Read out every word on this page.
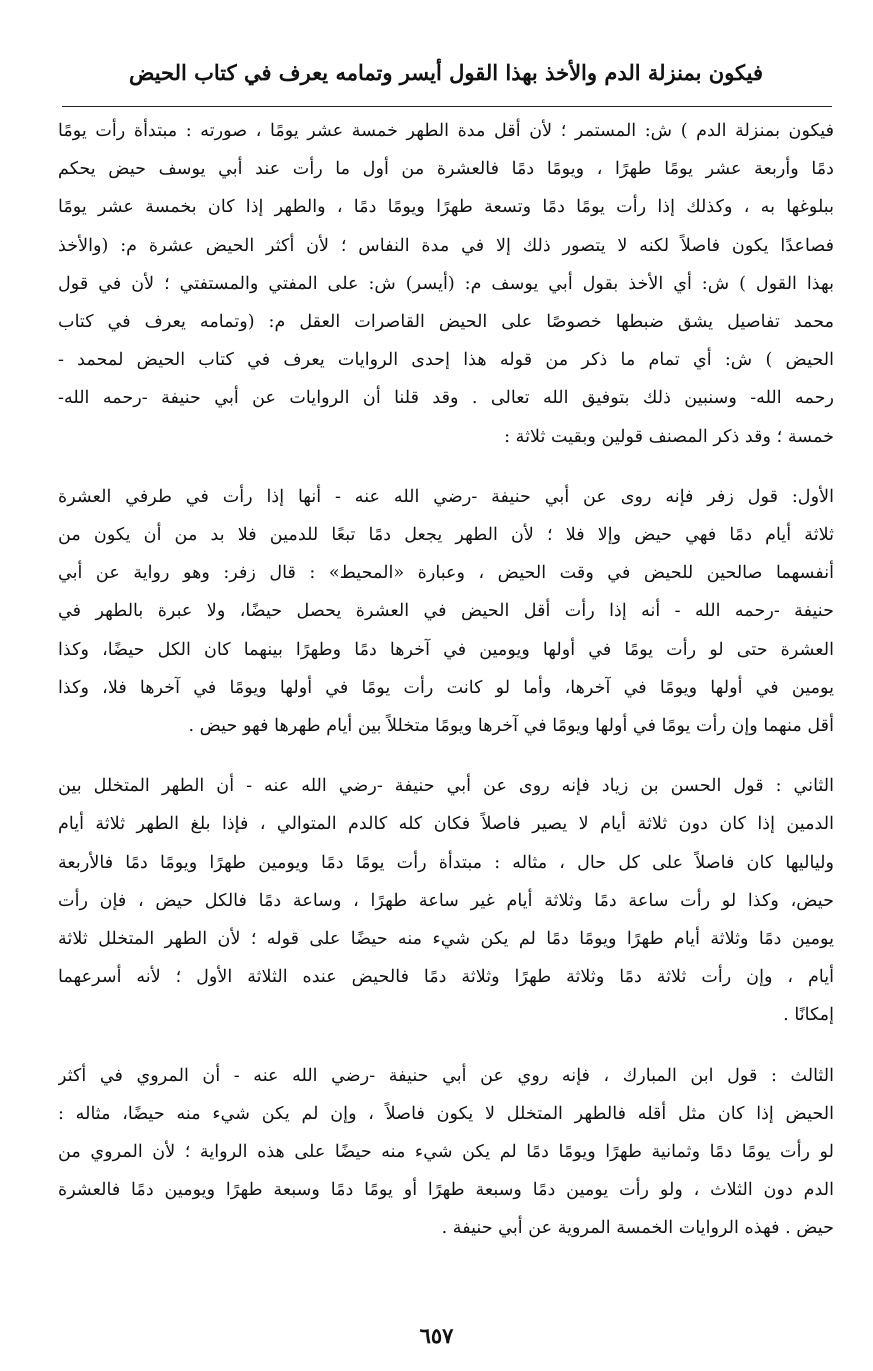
فيكون بمنزلة الدم والأخذ بهذا القول أيسر وتمامه يعرف في كتاب الحيض

فيكون بمنزلة الدم ) ش: المستمر ؛ لأن أقل مدة الطهر خمسة عشر يومًا ، صورته : مبتدأة رأت يومًا
دمًا وأربعة عشر يومًا طهرًا ، ويومًا دمًا فالعشرة من أول ما رأت عند أبي يوسف حيض يحكم
ببلوغها به ، وكذلك إذا رأت يومًا دمًا وتسعة طهرًا ويومًا دمًا ، والطهر إذا كان بخمسة عشر يومًا
فصاعدًا يكون فاصلاً لكنه لا يتصور ذلك إلا في مدة النفاس ؛ لأن أكثر الحيض عشرة م: (والأخذ
بهذا القول ) ش: أي الأخذ بقول أبي يوسف م: (أيسر) ش: على المفتي والمستفتي ؛ لأن في قول
محمد تفاصيل يشق ضبطها خصوصًا على الحيض القاصرات العقل م: (وتمامه يعرف في كتاب
الحيض ) ش: أي تمام ما ذكر من قوله هذا إحدى الروايات يعرف في كتاب الحيض لمحمد -
رحمه الله- وسنبين ذلك بتوفيق الله تعالى . وقد قلنا أن الروايات عن أبي حنيفة -رحمه الله-
خمسة ؛ وقد ذكر المصنف قولين وبقيت ثلاثة :

الأول: قول زفر فإنه روى عن أبي حنيفة -رضي الله عنه - أنها إذا رأت في طرفي العشرة
ثلاثة أيام دمًا فهي حيض وإلا فلا ؛ لأن الطهر يجعل دمًا تبعًا للدمين فلا بد من أن يكون من
أنفسهما صالحين للحيض في وقت الحيض ، وعبارة «المحيط» : قال زفر: وهو رواية عن أبي
حنيفة -رحمه الله - أنه إذا رأت أقل الحيض في العشرة يحصل حيضًا، ولا عبرة بالطهر في
العشرة حتى لو رأت يومًا في أولها ويومين في آخرها دمًا وطهرًا بينهما كان الكل حيضًا، وكذا
يومين في أولها ويومًا في آخرها، وأما لو كانت رأت يومًا في أولها ويومًا في آخرها فلا، وكذا
أقل منهما وإن رأت يومًا في أولها ويومًا في آخرها ويومًا متخللاً بين أيام طهرها فهو حيض .

الثاني : قول الحسن بن زياد فإنه روى عن أبي حنيفة -رضي الله عنه - أن الطهر المتخلل بين
الدمين إذا كان دون ثلاثة أيام لا يصير فاصلاً فكان كله كالدم المتوالي ، فإذا بلغ الطهر ثلاثة أيام
ولياليها كان فاصلاً على كل حال ، مثاله : مبتدأة رأت يومًا دمًا ويومين طهرًا ويومًا دمًا فالأربعة
حيض، وكذا لو رأت ساعة دمًا وثلاثة أيام غير ساعة طهرًا ، وساعة دمًا فالكل حيض ، فإن رأت
يومين دمًا وثلاثة أيام طهرًا ويومًا دمًا لم يكن شيء منه حيضًا على قوله ؛ لأن الطهر المتخلل ثلاثة
أيام ، وإن رأت ثلاثة دمًا وثلاثة طهرًا وثلاثة دمًا فالحيض عنده الثلاثة الأول ؛ لأنه أسرعهما
إمكانًا .

الثالث : قول ابن المبارك ، فإنه روي عن أبي حنيفة -رضي الله عنه - أن المروي في أكثر
الحيض إذا كان مثل أقله فالطهر المتخلل لا يكون فاصلاً ، وإن لم يكن شيء منه حيضًا، مثاله :
لو رأت يومًا دمًا وثمانية طهرًا ويومًا دمًا لم يكن شيء منه حيضًا على هذه الرواية ؛ لأن المروي من
الدم دون الثلاث ، ولو رأت يومين دمًا وسبعة طهرًا أو يومًا دمًا وسبعة طهرًا ويومين دمًا فالعشرة
حيض . فهذه الروايات الخمسة المروية عن أبي حنيفة .

٦٥٧
